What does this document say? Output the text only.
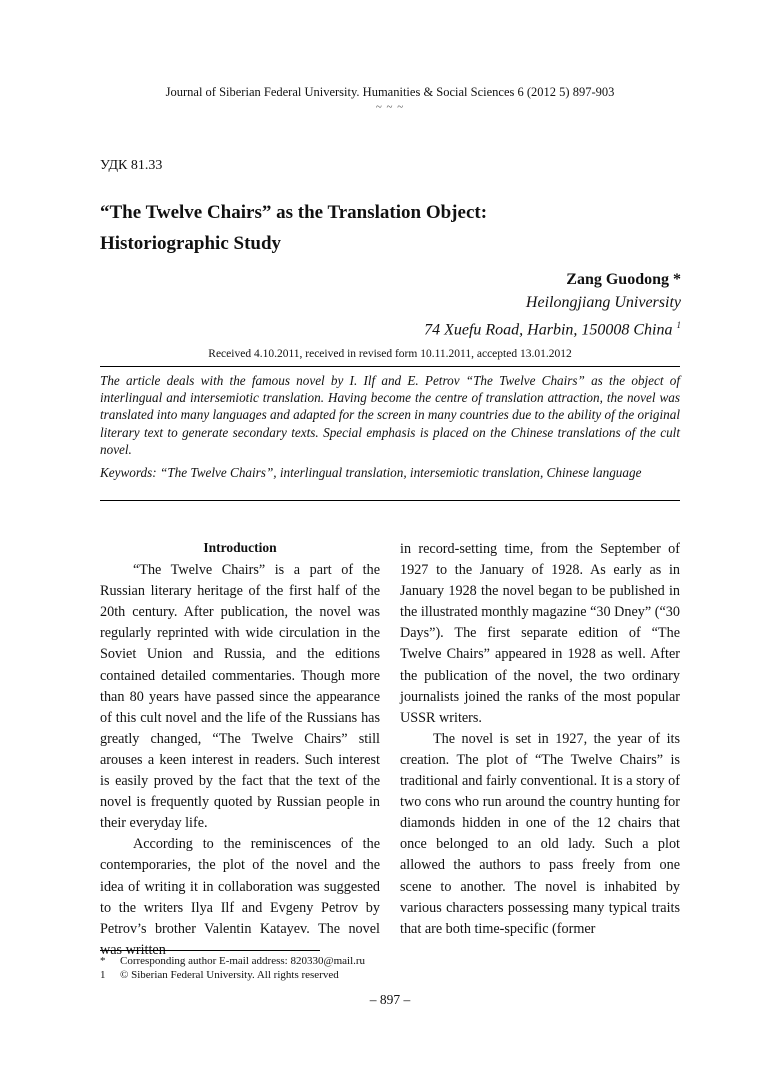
Journal of Siberian Federal University. Humanities & Social Sciences 6 (2012 5) 897-903
~ ~ ~
УДК 81.33
“The Twelve Chairs” as the Translation Object:
Historiographic Study
Zang Guodong *
Heilongjiang University
74 Xuefu Road, Harbin, 150008 China $^1$
Received 4.10.2011, received in revised form 10.11.2011, accepted 13.01.2012
The article deals with the famous novel by I. Ilf and E. Petrov “The Twelve Chairs” as the object of interlingual and intersemiotic translation. Having become the centre of translation attraction, the novel was translated into many languages and adapted for the screen in many countries due to the ability of the original literary text to generate secondary texts. Special emphasis is placed on the Chinese translations of the cult novel.
Keywords: “The Twelve Chairs”, interlingual translation, intersemiotic translation, Chinese language
Introduction

“The Twelve Chairs” is a part of the Russian literary heritage of the first half of the 20th century. After publication, the novel was regularly reprinted with wide circulation in the Soviet Union and Russia, and the editions contained detailed commentaries. Though more than 80 years have passed since the appearance of this cult novel and the life of the Russians has greatly changed, “The Twelve Chairs” still arouses a keen interest in readers. Such interest is easily proved by the fact that the text of the novel is frequently quoted by Russian people in their everyday life.

According to the reminiscences of the contemporaries, the plot of the novel and the idea of writing it in collaboration was suggested to the writers Ilya Ilf and Evgeny Petrov by Petrov’s brother Valentin Katayev. The novel was written

in record-setting time, from the September of 1927 to the January of 1928. As early as in January 1928 the novel began to be published in the illustrated monthly magazine “30 Dney” (“30 Days”). The first separate edition of “The Twelve Chairs” appeared in 1928 as well. After the publication of the novel, the two ordinary journalists joined the ranks of the most popular USSR writers.

The novel is set in 1927, the year of its creation. The plot of “The Twelve Chairs” is traditional and fairly conventional. It is a story of two cons who run around the country hunting for diamonds hidden in one of the 12 chairs that once belonged to an old lady. Such a plot allowed the authors to pass freely from one scene to another. The novel is inhabited by various characters possessing many typical traits that are both time-specific (former

* Corresponding author E-mail address: 820330@mail.ru
1 © Siberian Federal University. All rights reserved
– 897 –
